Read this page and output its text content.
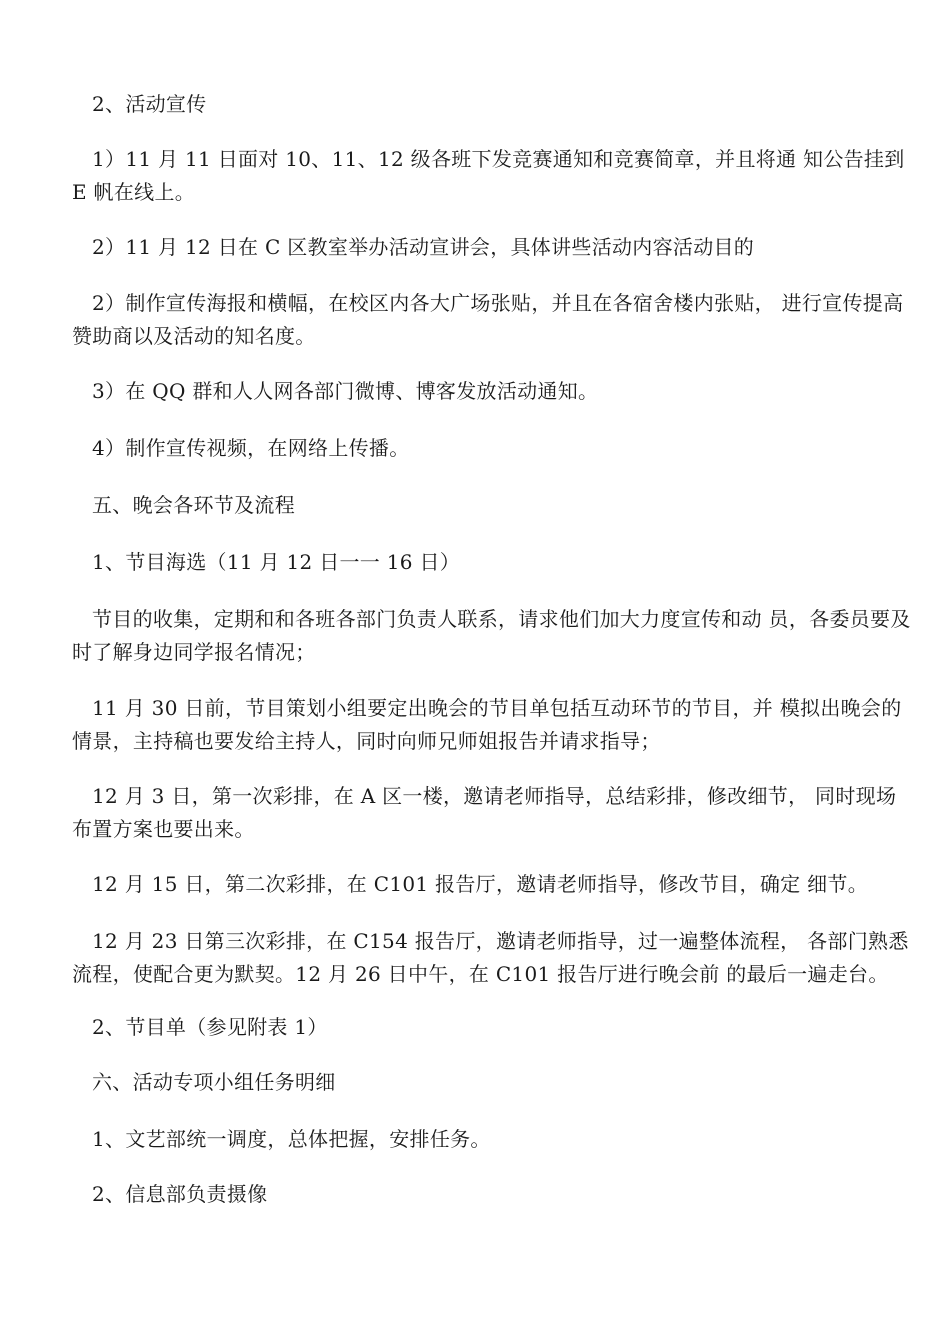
2、活动宣传

1）11 月 11 日面对 10、11、12 级各班下发竞赛通知和竞赛简章，并且将通 知公告挂到E 帆在线上。

2）11 月 12 日在 C 区教室举办活动宣讲会，具体讲些活动内容活动目的

2）制作宣传海报和横幅，在校区内各大广场张贴，并且在各宿舍楼内张贴， 进行宣传提高赞助商以及活动的知名度。

3）在 QQ 群和人人网各部门微博、博客发放活动通知。

4）制作宣传视频，在网络上传播。

五、晚会各环节及流程

1、节目海选（11 月 12 日一一 16 日）

节目的收集，定期和和各班各部门负责人联系，请求他们加大力度宣传和动 员，各委员要及时了解身边同学报名情况；

11 月 30 日前，节目策划小组要定出晚会的节目单包括互动环节的节目，并 模拟出晚会的情景，主持稿也要发给主持人，同时向师兄师姐报告并请求指导；

12 月 3 日，第一次彩排，在 A 区一楼，邀请老师指导，总结彩排，修改细节， 同时现场布置方案也要出来。

12 月 15 日，第二次彩排，在 C101 报告厅，邀请老师指导，修改节目，确定 细节。

12 月 23 日第三次彩排，在 C154 报告厅，邀请老师指导，过一遍整体流程， 各部门熟悉流程，使配合更为默契。12 月 26 日中午，在 C101 报告厅进行晚会前 的最后一遍走台。

2、节目单（参见附表 1）

六、活动专项小组任务明细

1、文艺部统一调度，总体把握，安排任务。

2、信息部负责摄像
